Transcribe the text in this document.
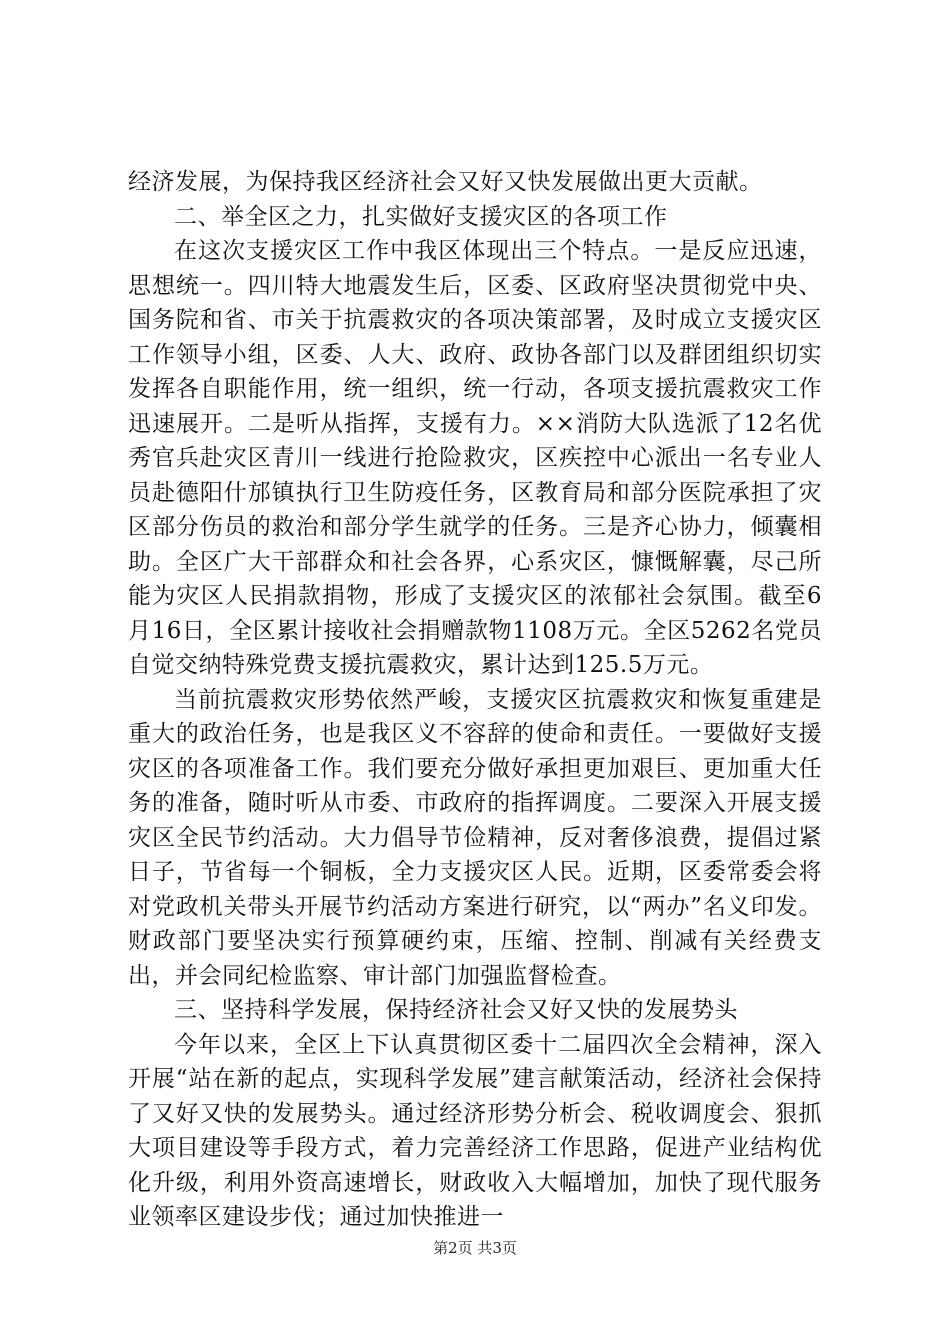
经济发展，为保持我区经济社会又好又快发展做出更大贡献。

二、举全区之力，扎实做好支援灾区的各项工作

在这次支援灾区工作中我区体现出三个特点。一是反应迅速，思想统一。四川特大地震发生后，区委、区政府坚决贯彻党中央、国务院和省、市关于抗震救灾的各项决策部署，及时成立支援灾区工作领导小组，区委、人大、政府、政协各部门以及群团组织切实发挥各自职能作用，统一组织，统一行动，各项支援抗震救灾工作迅速展开。二是听从指挥，支援有力。××消防大队选派了12名优秀官兵赴灾区青川一线进行抢险救灾，区疾控中心派出一名专业人员赴德阳什邡镇执行卫生防疫任务，区教育局和部分医院承担了灾区部分伤员的救治和部分学生就学的任务。三是齐心协力，倾囊相助。全区广大干部群众和社会各界，心系灾区，慷慨解囊，尽己所能为灾区人民捐款捐物，形成了支援灾区的浓郁社会氛围。截至6月16日，全区累计接收社会捐赠款物1108万元。全区5262名党员自觉交纳特殊党费支援抗震救灾，累计达到125.5万元。

当前抗震救灾形势依然严峻，支援灾区抗震救灾和恢复重建是重大的政治任务，也是我区义不容辞的使命和责任。一要做好支援灾区的各项准备工作。我们要充分做好承担更加艰巨、更加重大任务的准备，随时听从市委、市政府的指挥调度。二要深入开展支援灾区全民节约活动。大力倡导节俭精神，反对奢侈浪费，提倡过紧日子，节省每一个铜板，全力支援灾区人民。近期，区委常委会将对党政机关带头开展节约活动方案进行研究，以“两办”名义印发。财政部门要坚决实行预算硬约束，压缩、控制、削减有关经费支出，并会同纪检监察、审计部门加强监督检查。

三、坚持科学发展，保持经济社会又好又快的发展势头

今年以来，全区上下认真贯彻区委十二届四次全会精神，深入开展“站在新的起点，实现科学发展”建言献策活动，经济社会保持了又好又快的发展势头。通过经济形势分析会、税收调度会、狠抓大项目建设等手段方式，着力完善经济工作思路，促进产业结构优化升级，利用外资高速增长，财政收入大幅增加，加快了现代服务业领率区建设步伐；通过加快推进一

第2页 共3页
